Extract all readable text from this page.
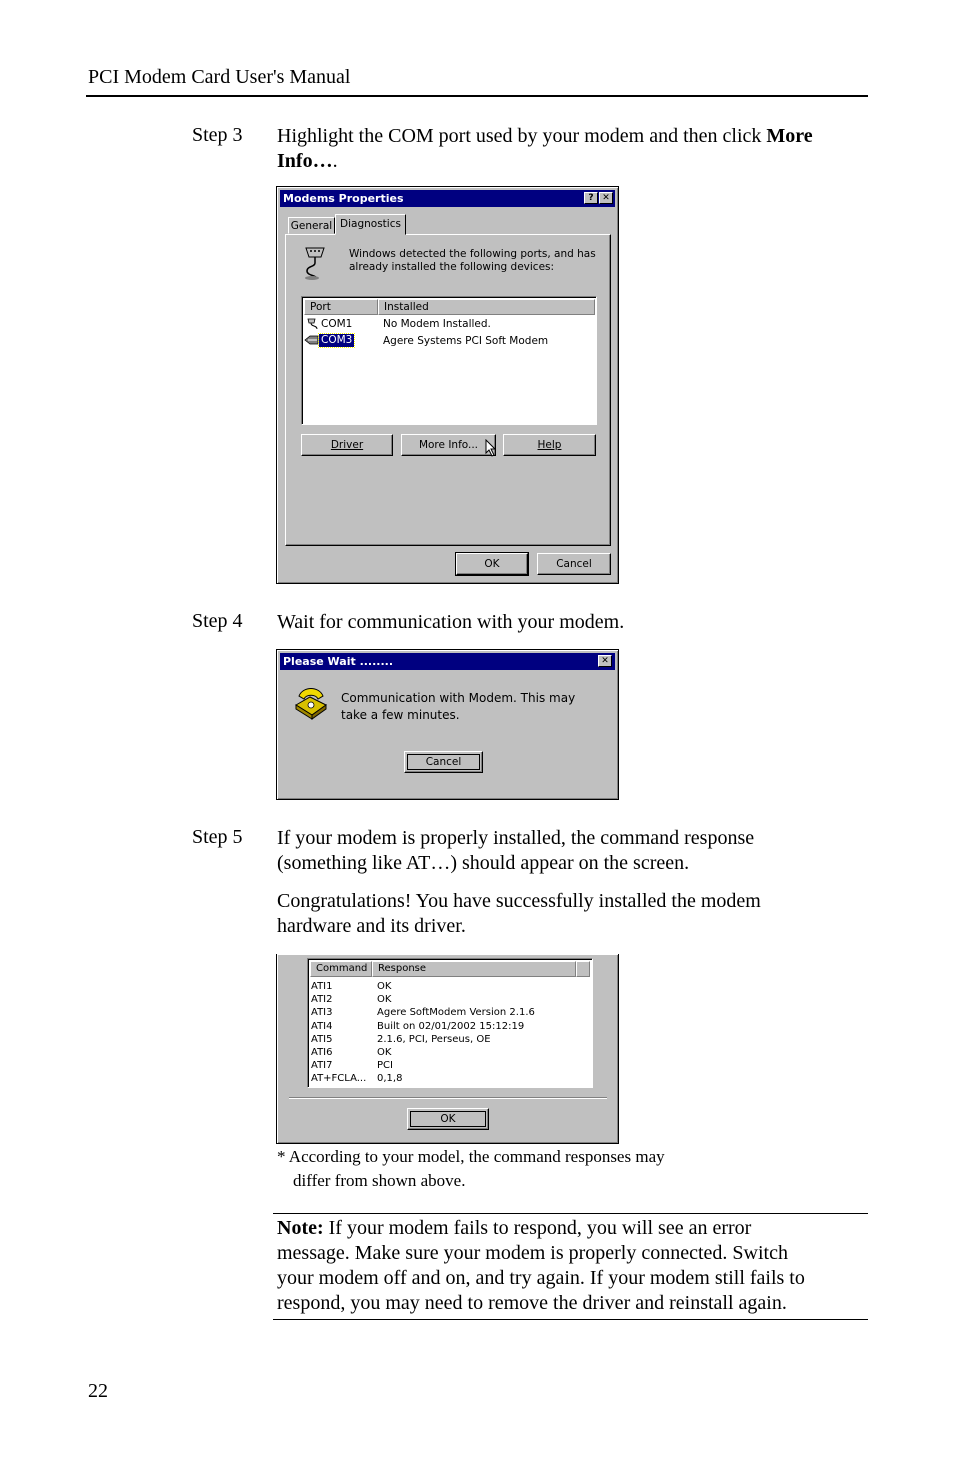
PCI Modem Card User's Manual
Step 3 Highlight the COM port used by your modem and then click More Info….
Modems Properties	? ✕
General Diagnostics
Windows detected the following ports, and has
already installed the following devices:
Port	Installed
COM1	No Modem Installed.
COM3	Agere Systems PCI Soft Modem
Driver	More Info...	Help
OK	Cancel
Step 4 Wait for communication with your modem.
Please Wait ........	✕
Communication with Modem. This may
take a few minutes.
Cancel
Step 5 If your modem is properly installed, the command response
(something like AT…) should appear on the screen.
Congratulations! You have successfully installed the modem
hardware and its driver.
Command	Response
ATI1	OK
ATI2	OK
ATI3	Agere SoftModem Version 2.1.6
ATI4	Built on 02/01/2002 15:12:19
ATI5	2.1.6, PCI, Perseus, OE
ATI6	OK
ATI7	PCI
AT+FCLA... 0,1,8
OK
* According to your model, the command responses may
differ from shown above.
Note: If your modem fails to respond, you will see an error
message. Make sure your modem is properly connected. Switch
your modem off and on, and try again. If your modem still fails to
respond, you may need to remove the driver and reinstall again.
22
